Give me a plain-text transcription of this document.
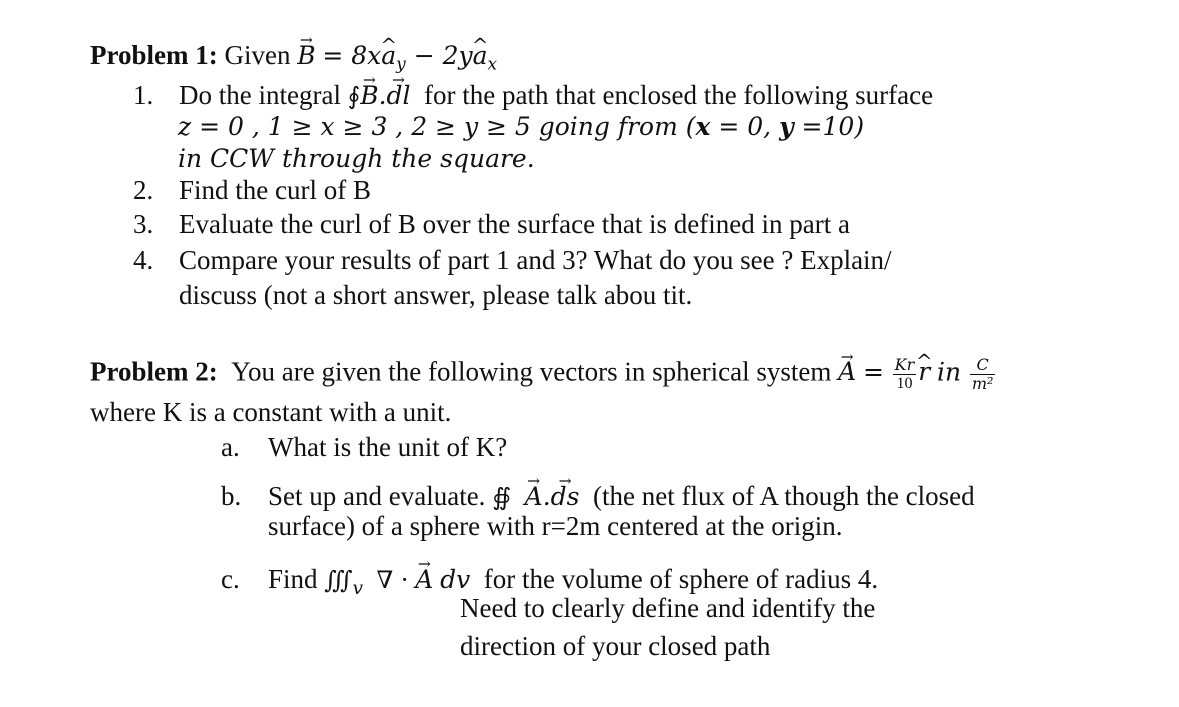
Problem 1: Given → B = 8x^ $a_y$ − 2y^ $a_x$
1. Do the integral ∮→ B.→ dl for the path that enclosed the following surface
z = 0 , 1 ≥ x ≥ 3 , 2 ≥ y ≥ 5 going from (x = 0, y =10)
in CCW through the square.
2. Find the curl of B
3. Evaluate the curl of B over the surface that is defined in part a
4. Compare your results of part 1 and 3? What do you see ? Explain/
discuss (not a short answer, please talk abou tit.
Problem 2: You are given the following vectors in spherical system → $A = \frac{Kr}{10}$ ^ r in $\frac{C}{\text{m²}}$
where K is a constant with a unit.
a. What is the unit of K?
b. Set up and evaluate. ∯ → A.→ ds (the net flux of A though the closed
surface) of a sphere with r=2m centered at the origin.
c. Find $∭_v$ ∇ · → A dv for the volume of sphere of radius 4.
Need to clearly define and identify the
direction of your closed path
